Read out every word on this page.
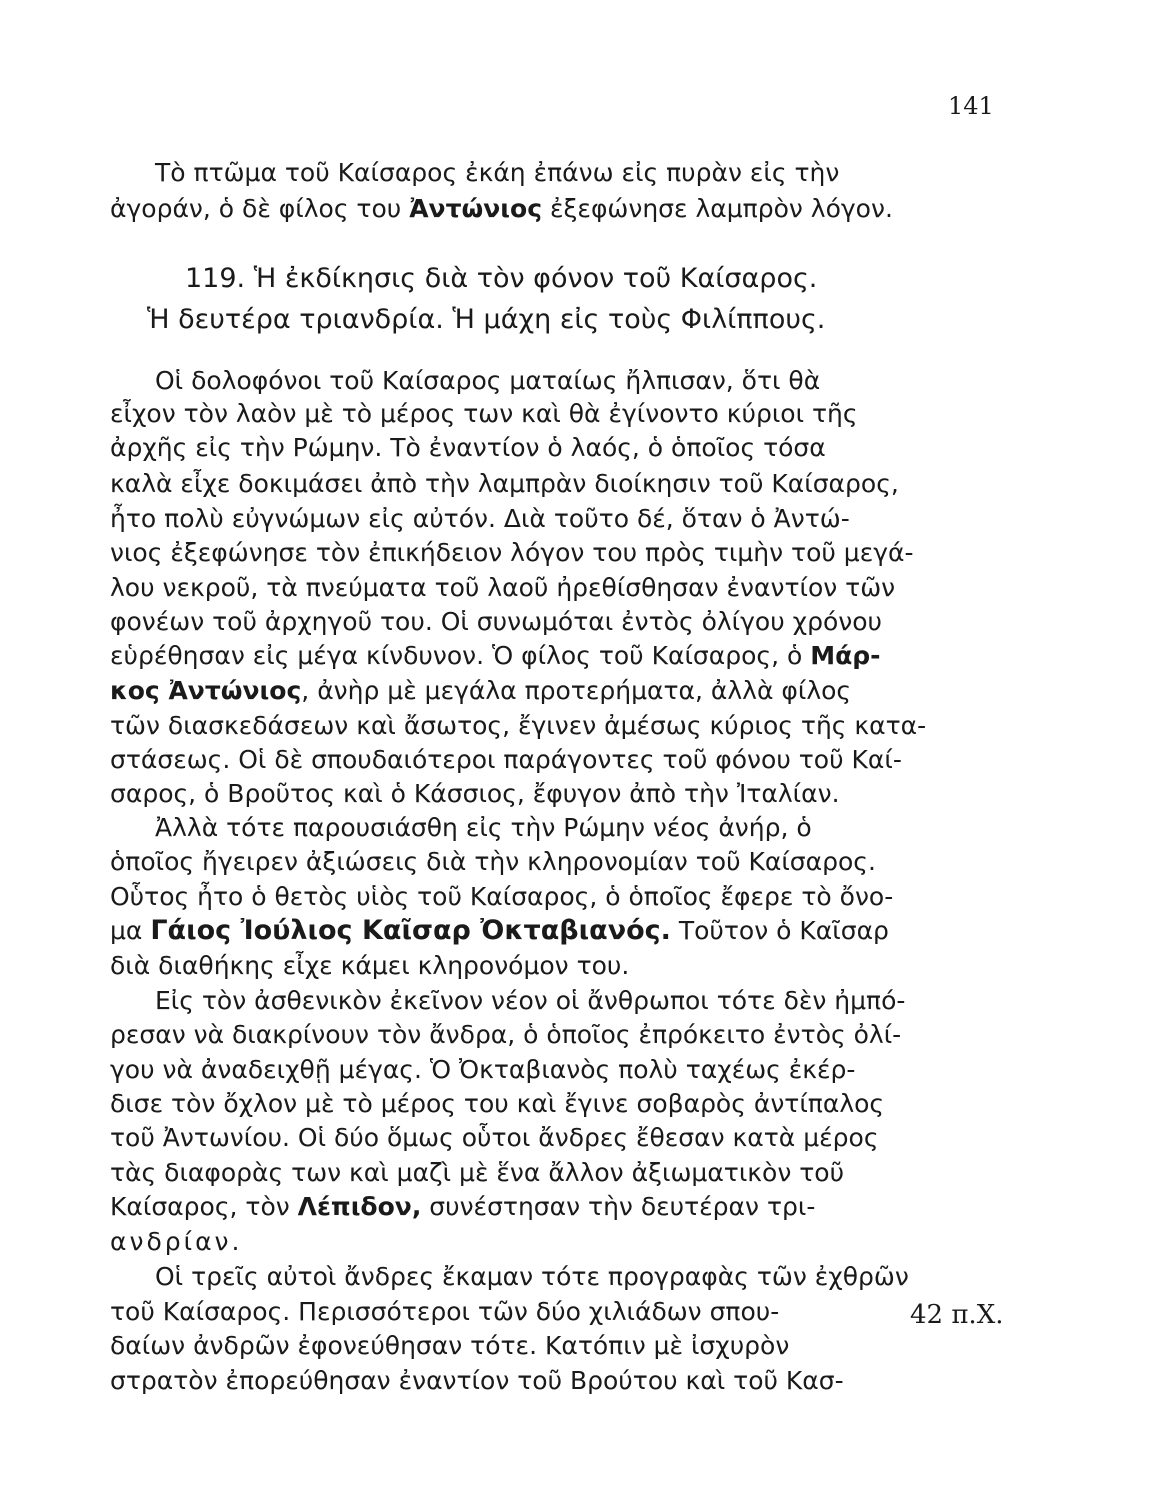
141
Τὸ πτῶμα τοῦ Καίσαρος ἐκάη ἐπάνω εἰς πυρὰν εἰς τὴν
ἀγοράν, ὁ δὲ φίλος του Ἀντώνιος ἐξεφώνησε λαμπρὸν λόγον.
119. Ἡ ἐκδίκησις διὰ τὸν φόνον τοῦ Καίσαρος.
Ἡ δευτέρα τριανδρία. Ἡ μάχη εἰς τοὺς Φιλίππους.
Οἱ δολοφόνοι τοῦ Καίσαρος ματαίως ἤλπισαν, ὅτι θὰ
εἶχον τὸν λαὸν μὲ τὸ μέρος των καὶ θὰ ἐγίνοντο κύριοι τῆς
ἀρχῆς εἰς τὴν Ρώμην. Τὸ ἐναντίον ὁ λαός, ὁ ὁποῖος τόσα
καλὰ εἶχε δοκιμάσει ἀπὸ τὴν λαμπρὰν διοίκησιν τοῦ Καίσαρος,
ἦτο πολὺ εὐγνώμων εἰς αὐτόν. Διὰ τοῦτο δέ, ὅταν ὁ Ἀντώ-
νιος ἐξεφώνησε τὸν ἐπικήδειον λόγον του πρὸς τιμὴν τοῦ μεγά-
λου νεκροῦ, τὰ πνεύματα τοῦ λαοῦ ἠρεθίσθησαν ἐναντίον τῶν
φονέων τοῦ ἀρχηγοῦ του. Οἱ συνωμόται ἐντὸς ὀλίγου χρόνου
εὑρέθησαν εἰς μέγα κίνδυνον. Ὁ φίλος τοῦ Καίσαρος, ὁ Μάρ-
κος Ἀντώνιος, ἀνὴρ μὲ μεγάλα προτερήματα, ἀλλὰ φίλος
τῶν διασκεδάσεων καὶ ἄσωτος, ἔγινεν ἀμέσως κύριος τῆς κατα-
στάσεως. Οἱ δὲ σπουδαιότεροι παράγοντες τοῦ φόνου τοῦ Καί-
σαρος, ὁ Βροῦτος καὶ ὁ Κάσσιος, ἔφυγον ἀπὸ τὴν Ἰταλίαν.
Ἀλλὰ τότε παρουσιάσθη εἰς τὴν Ρώμην νέος ἀνήρ, ὁ
ὁποῖος ἤγειρεν ἀξιώσεις διὰ τὴν κληρονομίαν τοῦ Καίσαρος.
Οὗτος ἦτο ὁ θετὸς υἱὸς τοῦ Καίσαρος, ὁ ὁποῖος ἔφερε τὸ ὄνο-
μα Γάιος Ἰούλιος Καῖσαρ Ὀκταβιανός. Τοῦτον ὁ Καῖσαρ
διὰ διαθήκης εἶχε κάμει κληρονόμον του.
Εἰς τὸν ἀσθενικὸν ἐκεῖνον νέον οἱ ἄνθρωποι τότε δὲν ἠμπό-
ρεσαν νὰ διακρίνουν τὸν ἄνδρα, ὁ ὁποῖος ἐπρόκειτο ἐντὸς ὀλί-
γου νὰ ἀναδειχθῇ μέγας. Ὁ Ὀκταβιανὸς πολὺ ταχέως ἐκέρ-
δισε τὸν ὄχλον μὲ τὸ μέρος του καὶ ἔγινε σοβαρὸς ἀντίπαλος
τοῦ Ἀντωνίου. Οἱ δύο ὅμως οὗτοι ἄνδρες ἔθεσαν κατὰ μέρος
τὰς διαφορὰς των καὶ μαζὶ μὲ ἕνα ἄλλον ἀξιωματικὸν τοῦ
Καίσαρος, τὸν Λέπιδον, συνέστησαν τὴν δευτέραν τρι-
ανδρίαν.
Οἱ τρεῖς αὐτοὶ ἄνδρες ἔκαμαν τότε προγραφὰς τῶν ἐχθρῶν
τοῦ Καίσαρος. Περισσότεροι τῶν δύο χιλιάδων σπου-
δαίων ἀνδρῶν ἐφονεύθησαν τότε. Κατόπιν μὲ ἰσχυρὸν
στρατὸν ἐπορεύθησαν ἐναντίον τοῦ Βρούτου καὶ τοῦ Κασ-
42 π.Χ.
